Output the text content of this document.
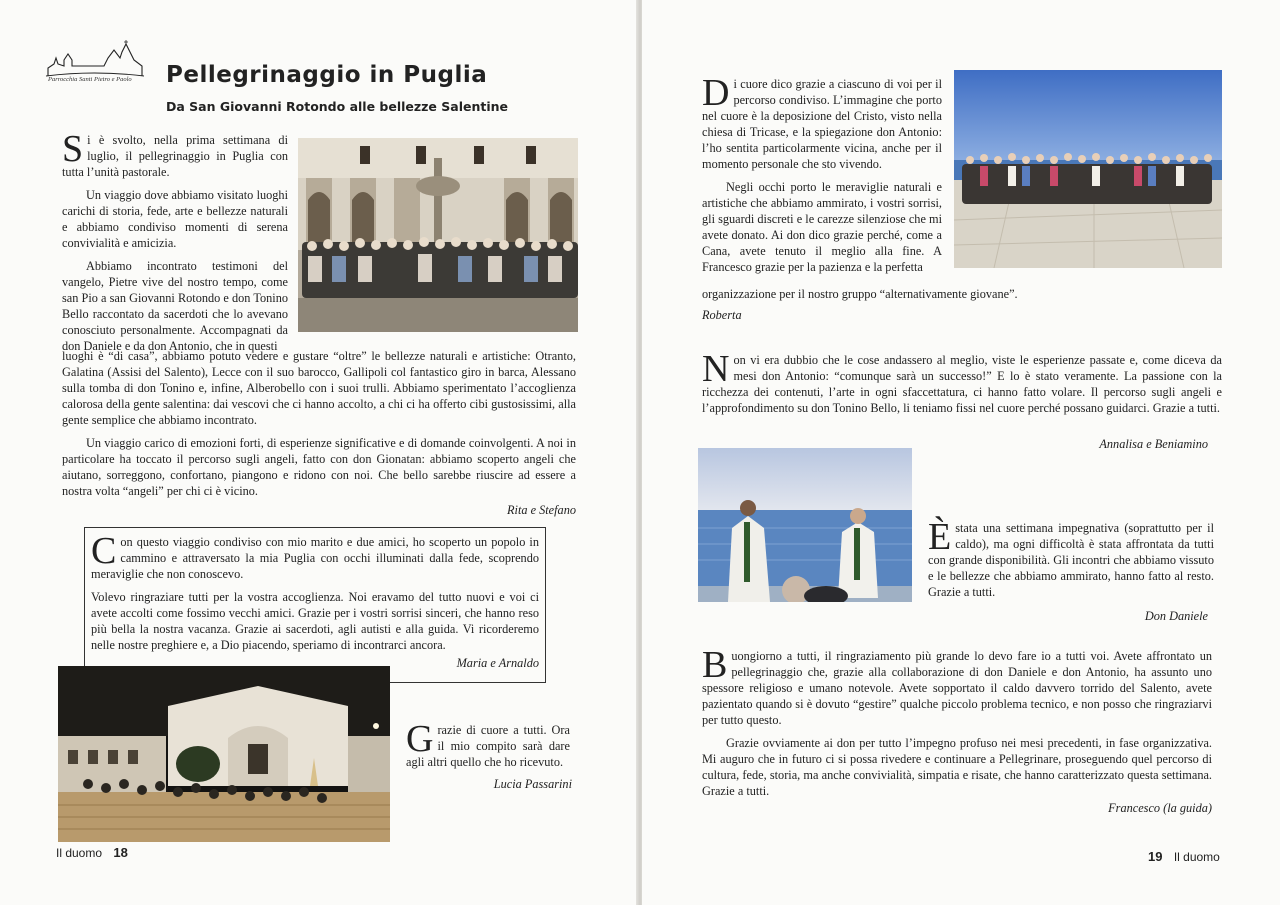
Parrocchia Santi Pietro e Paolo Pellegrinaggio in Puglia
Da San Giovanni Rotondo alle bellezze Salentine

Si è svolto, nella prima settimana di luglio, il pellegrinaggio in Puglia con tutta l’unità pastorale.

Un viaggio dove abbiamo visitato luoghi carichi di storia, fede, arte e bellezze naturali e abbiamo condiviso momenti di serena convivialità e amicizia.

Abbiamo incontrato testimoni del vangelo, Pietre vive del nostro tempo, come san Pio a san Giovanni Rotondo e don Tonino Bello raccontato da sacerdoti che lo avevano conosciuto personalmente. Accompagnati da don Daniele e da don Antonio, che in questi

luoghi è “di casa”, abbiamo potuto vedere e gustare “oltre” le bellezze naturali e artistiche: Otranto, Galatina (Assisi del Salento), Lecce con il suo barocco, Gallipoli col fantastico giro in barca, Alessano sulla tomba di don Tonino e, infine, Alberobello con i suoi trulli. Abbiamo sperimentato l’accoglienza calorosa della gente salentina: dai vescovi che ci hanno accolto, a chi ci ha offerto cibi gustosissimi, alla gente semplice che abbiamo incontrato.

Un viaggio carico di emozioni forti, di esperienze significative e di domande coinvolgenti. A noi in particolare ha toccato il percorso sugli angeli, fatto con don Gionatan: abbiamo scoperto angeli che aiutano, sorreggono, confortano, piangono e ridono con noi. Che bello sarebbe riuscire ad essere a nostra volta “angeli” per chi ci è vicino.

Rita e Stefano

Con questo viaggio condiviso con mio marito e due amici, ho scoperto un popolo in cammino e attraversato la mia Puglia con occhi illuminati dalla fede, scoprendo meraviglie che non conoscevo.

Volevo ringraziare tutti per la vostra accoglienza. Noi eravamo del tutto nuovi e voi ci avete accolti come fossimo vecchi amici. Grazie per i vostri sorrisi sinceri, che hanno reso più bella la nostra vacanza. Grazie ai sacerdoti, agli autisti e alla guida. Vi ricorderemo nelle nostre preghiere e, a Dio piacendo, speriamo di incontrarci ancora.

Maria e Arnaldo

Grazie di cuore a tutti. Ora il mio compito sarà dare agli altri quello che ho ricevuto.

Lucia Passarini
Il duomo 18

Di cuore dico grazie a ciascuno di voi per il percorso condiviso. L’immagine che porto nel cuore è la deposizione del Cristo, visto nella chiesa di Tricase, e la spiegazione don Antonio: l’ho sentita particolarmente vicina, anche per il momento personale che sto vivendo.

Negli occhi porto le meraviglie naturali e artistiche che abbiamo ammirato, i vostri sorrisi, gli sguardi discreti e le carezze silenziose che mi avete donato. Ai don dico grazie perché, come a Cana, avete tenuto il meglio alla fine. A Francesco grazie per la pazienza e la perfetta

organizzazione per il nostro gruppo “alternativamente giovane”.

Roberta

Non vi era dubbio che le cose andassero al meglio, viste le esperienze passate e, come diceva da mesi don Antonio: “comunque sarà un successo!” E lo è stato veramente. La passione con la ricchezza dei contenuti, l’arte in ogni sfaccettatura, ci hanno fatto volare. Il percorso sugli angeli e l’approfondimento su don Tonino Bello, li teniamo fissi nel cuore perché possano guidarci. Grazie a tutti.

Annalisa e Beniamino

Èstata una settimana impegnativa (soprattutto per il caldo), ma ogni difficoltà è stata affrontata da tutti con grande disponibilità. Gli incontri che abbiamo vissuto e le bellezze che abbiamo ammirato, hanno fatto al resto. Grazie a tutti.

Don Daniele

Buongiorno a tutti, il ringraziamento più grande lo devo fare io a tutti voi. Avete affrontato un pellegrinaggio che, grazie alla collaborazione di don Daniele e don Antonio, ha assunto uno spessore religioso e umano notevole. Avete sopportato il caldo davvero torrido del Salento, avete pazientato quando si è dovuto “gestire” qualche piccolo problema tecnico, e non posso che ringraziarvi per tutto questo.

Grazie ovviamente ai don per tutto l’impegno profuso nei mesi precedenti, in fase organizzativa. Mi auguro che in futuro ci si possa rivedere e continuare a Pellegrinare, proseguendo quel percorso di cultura, fede, storia, ma anche convivialità, simpatia e risate, che hanno caratterizzato questa settimana. Grazie a tutti.

Francesco (la guida)
19 Il duomo
